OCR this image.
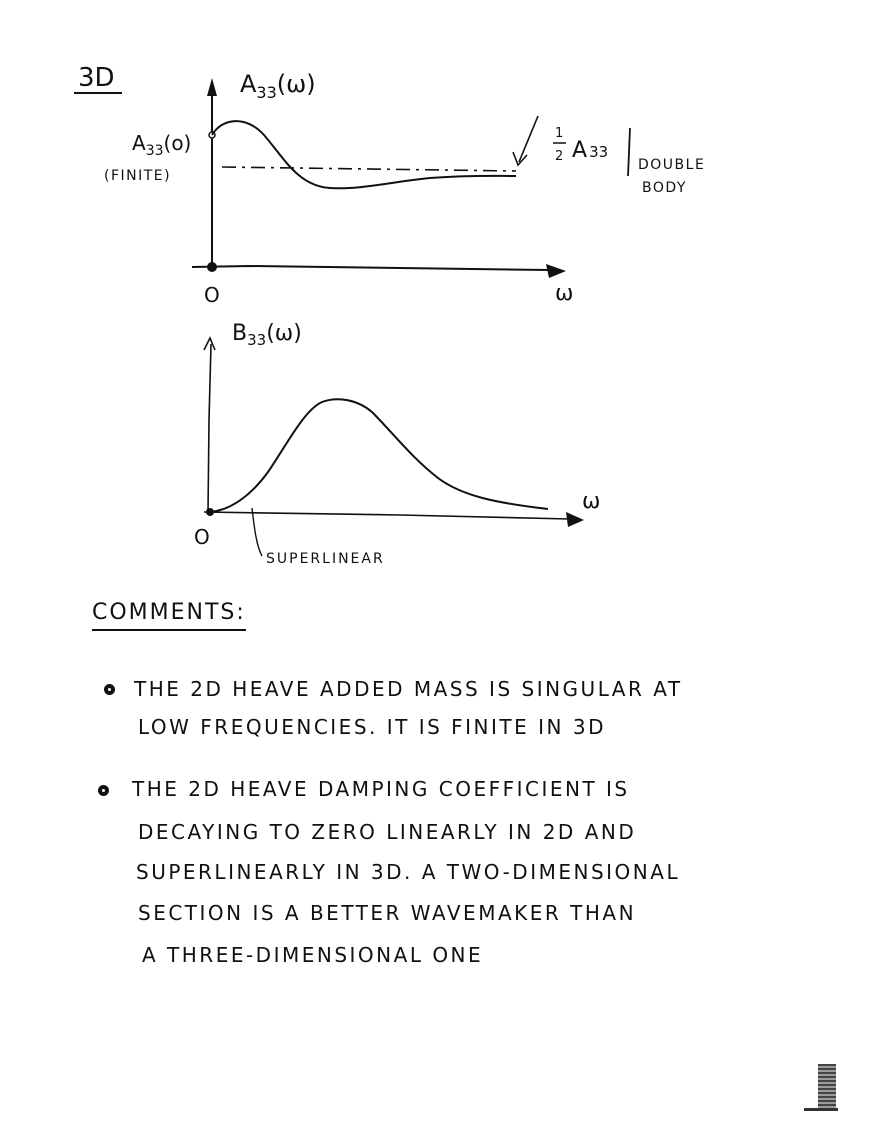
3D	$A_{33}(\omega)$
$A_{33}(o)$
(FINITE)
1
2 A 33
DOUBLE
BODY
O	ω
$B_{33}(\omega)$
ω
O
SUPERLINEAR
COMMENTS:
THE 2D HEAVE ADDED MASS IS SINGULAR AT
LOW FREQUENCIES. IT IS FINITE IN 3D
THE 2D HEAVE DAMPING COEFFICIENT IS
DECAYING TO ZERO LINEARLY IN 2D AND
SUPERLINEARLY IN 3D. A TWO-DIMENSIONAL
SECTION IS A BETTER WAVEMAKER THAN
A THREE-DIMENSIONAL ONE
